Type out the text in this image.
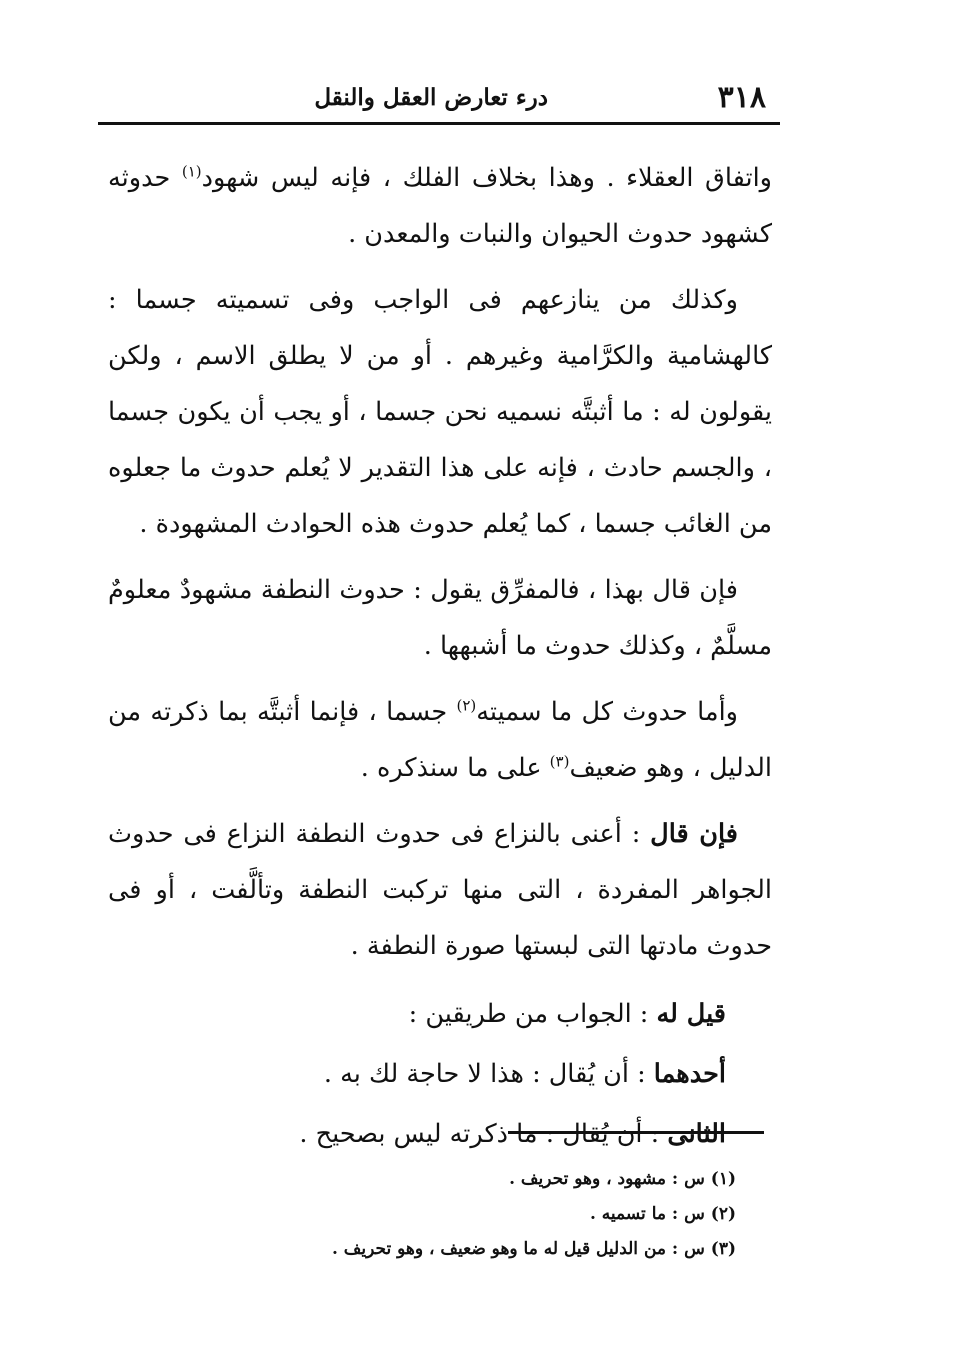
٣١٨
درء تعارض العقل والنقل

واتفاق العقلاء . وهذا بخلاف الفلك ، فإنه ليس شهود$^{(١)}$ حدوثه كشهود حدوث الحيوان والنبات والمعدن .

وكذلك من ينازعهم فى الواجب وفى تسميته جسما : كالهشامية والكرَّامية وغيرهم . أو من لا يطلق الاسم ، ولكن يقولون له : ما أثبتَّه نسميه نحن جسما ، أو يجب أن يكون جسما ، والجسم حادث ، فإنه على هذا التقدير لا يُعلم حدوث ما جعلوه من الغائب جسما ، كما يُعلم حدوث هذه الحوادث المشهودة .

فإن قال بهذا ، فالمفرِّق يقول : حدوث النطفة مشهودٌ معلومٌ مسلَّمٌ ، وكذلك حدوث ما أشبهها .

وأما حدوث كل ما سميته$^{(٢)}$ جسما ، فإنما أثبتَّه بما ذكرته من الدليل ، وهو ضعيف$^{(٣)}$ على ما سنذكره .

فإن قال : أعنى بالنزاع فى حدوث النطفة النزاع فى حدوث الجواهر المفردة ، التى منها تركبت النطفة وتألَّفت ، أو فى حدوث مادتها التى لبستها صورة النطفة .

قيل له : الجواب من طريقين :

أحدهما : أن يُقال : هذا لا حاجة لك به .

الثانى : أن يُقال : ما ذكرته ليس بصحيح .

(١) س : مشهود ، وهو تحريف .
(٢) س : ما تسميه .
(٣) س : من الدليل قيل له ما وهو ضعيف ، وهو تحريف .
